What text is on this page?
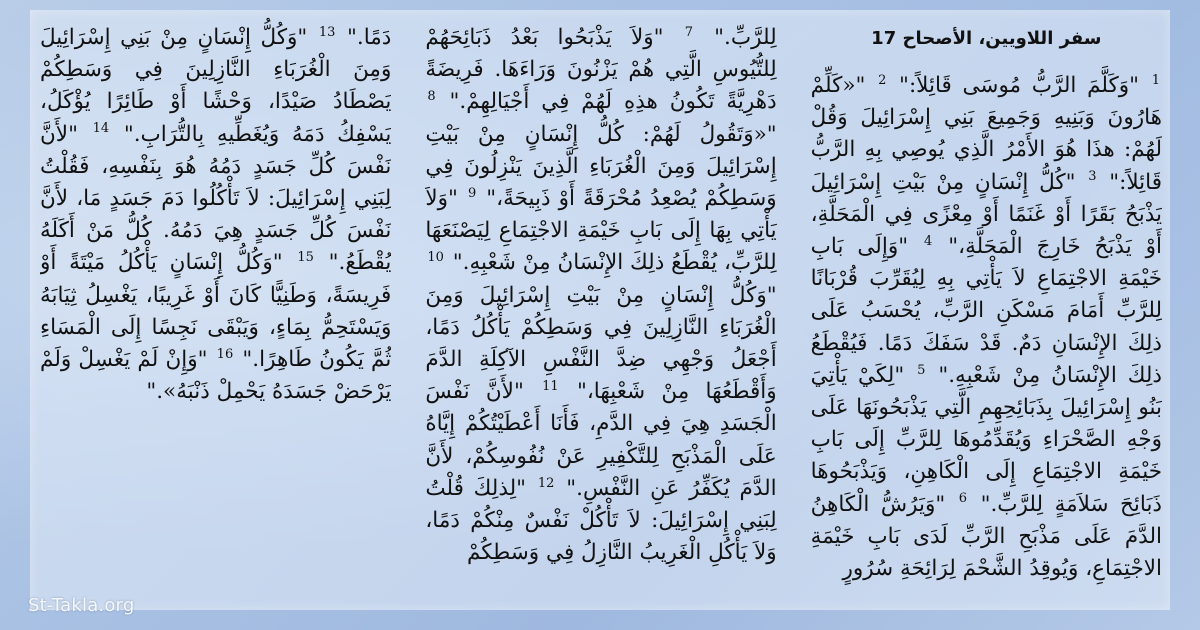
سفر اللاويين، الأصحاح 17

$^1$ "وَكَلَّمَ الرَّبُّ مُوسَى قَائِلاً:" $^2$ "«كَلِّمْ هَارُونَ وَبَنِيهِ وَجَمِيعَ بَنِي إِسْرَائِيلَ وَقُلْ لَهُمْ: هذَا هُوَ الأَمْرُ الَّذِي يُوصِي بِهِ الرَّبُّ قَائِلاً:" $^3$ "كُلُّ إِنْسَانٍ مِنْ بَيْتِ إِسْرَائِيلَ يَذْبَحُ بَقَرًا أَوْ غَنَمًا أَوْ مِعْزًى فِي الْمَحَلَّةِ، أَوْ يَذْبَحُ خَارِجَ الْمَحَلَّةِ،" $^4$ "وَإِلَى بَابِ خَيْمَةِ الاجْتِمَاعِ لاَ يَأْتِي بِهِ لِيُقَرِّبَ قُرْبَانًا لِلرَّبِّ أَمَامَ مَسْكَنِ الرَّبِّ، يُحْسَبُ عَلَى ذلِكَ الإِنْسَانِ دَمٌ. قَدْ سَفَكَ دَمًا. فَيُقْطَعُ ذلِكَ الإِنْسَانُ مِنْ شَعْبِهِ." $^5$ "لِكَيْ يَأْتِيَ بَنُو إِسْرَائِيلَ بِذَبَائِحِهِمِ الَّتِي يَذْبَحُونَهَا عَلَى وَجْهِ الصَّحْرَاءِ وَيُقَدِّمُوهَا لِلرَّبِّ إِلَى بَابِ خَيْمَةِ الاجْتِمَاعِ إِلَى الْكَاهِنِ، وَيَذْبَحُوهَا ذَبَائِحَ سَلاَمَةٍ لِلرَّبِّ." $^6$ "وَيَرُشُّ الْكَاهِنُ الدَّمَ عَلَى مَذْبَحِ الرَّبِّ لَدَى بَابِ خَيْمَةِ الاجْتِمَاعِ، وَيُوقِدُ الشَّحْمَ لِرَائِحَةِ سُرُورٍ

لِلرَّبِّ." $^7$ "وَلاَ يَذْبَحُوا بَعْدُ ذَبَائِحَهُمْ لِلتُّيُوسِ الَّتِي هُمْ يَزْنُونَ وَرَاءَهَا. فَرِيضَةً دَهْرِيَّةً تَكُونُ هذِهِ لَهُمْ فِي أَجْيَالِهِمْ." $^8$ "«وَتَقُولُ لَهُمْ: كُلُّ إِنْسَانٍ مِنْ بَيْتِ إِسْرَائِيلَ وَمِنَ الْغُرَبَاءِ الَّذِينَ يَنْزِلُونَ فِي وَسَطِكُمْ يُصْعِدُ مُحْرَقَةً أَوْ ذَبِيحَةً،" $^9$ "وَلاَ يَأْتِي بِهَا إِلَى بَابِ خَيْمَةِ الاجْتِمَاعِ لِيَصْنَعَهَا لِلرَّبِّ، يُقْطَعُ ذلِكَ الإِنْسَانُ مِنْ شَعْبِهِ." $^{10}$ "وَكُلُّ إِنْسَانٍ مِنْ بَيْتِ إِسْرَائِيلَ وَمِنَ الْغُرَبَاءِ النَّازِلِينَ فِي وَسَطِكُمْ يَأْكُلُ دَمًا، أَجْعَلُ وَجْهِي ضِدَّ النَّفْسِ الآكِلَةِ الدَّمَ وَأَقْطَعُهَا مِنْ شَعْبِهَا،" $^{11}$ "لأَنَّ نَفْسَ الْجَسَدِ هِيَ فِي الدَّمِ، فَأَنَا أَعْطَيْتُكُمْ إِيَّاهُ عَلَى الْمَذْبَحِ لِلتَّكْفِيرِ عَنْ نُفُوسِكُمْ، لأَنَّ الدَّمَ يُكَفِّرُ عَنِ النَّفْسِ." $^{12}$ "لِذلِكَ قُلْتُ لِبَنِي إِسْرَائِيلَ: لاَ تَأْكُلْ نَفْسٌ مِنْكُمْ دَمًا، وَلاَ يَأْكُلِ الْغَرِيبُ النَّازِلُ فِي وَسَطِكُمْ

دَمًا." $^{13}$ "وَكُلُّ إِنْسَانٍ مِنْ بَنِي إِسْرَائِيلَ وَمِنَ الْغُرَبَاءِ النَّازِلِينَ فِي وَسَطِكُمْ يَصْطَادُ صَيْدًا، وَحْشًا أَوْ طَائِرًا يُؤْكَلُ، يَسْفِكُ دَمَهُ وَيُغَطِّيهِ بِالتُّرَابِ." $^{14}$ "لأَنَّ نَفْسَ كُلِّ جَسَدٍ دَمُهُ هُوَ بِنَفْسِهِ، فَقُلْتُ لِبَنِي إِسْرَائِيلَ: لاَ تَأْكُلُوا دَمَ جَسَدٍ مَا، لأَنَّ نَفْسَ كُلِّ جَسَدٍ هِيَ دَمُهُ. كُلُّ مَنْ أَكَلَهُ يُقْطَعُ." $^{15}$ "وَكُلُّ إِنْسَانٍ يَأْكُلُ مَيْتَةً أَوْ فَرِيسَةً، وَطَنِيًّا كَانَ أَوْ غَرِيبًا، يَغْسِلُ ثِيَابَهُ وَيَسْتَحِمُّ بِمَاءٍ، وَيَبْقَى نَجِسًا إِلَى الْمَسَاءِ ثُمَّ يَكُونُ طَاهِرًا." $^{16}$ "وَإِنْ لَمْ يَغْسِلْ وَلَمْ يَرْحَضْ جَسَدَهُ يَحْمِلْ ذَنْبَهُ»."

St-Takla.org
